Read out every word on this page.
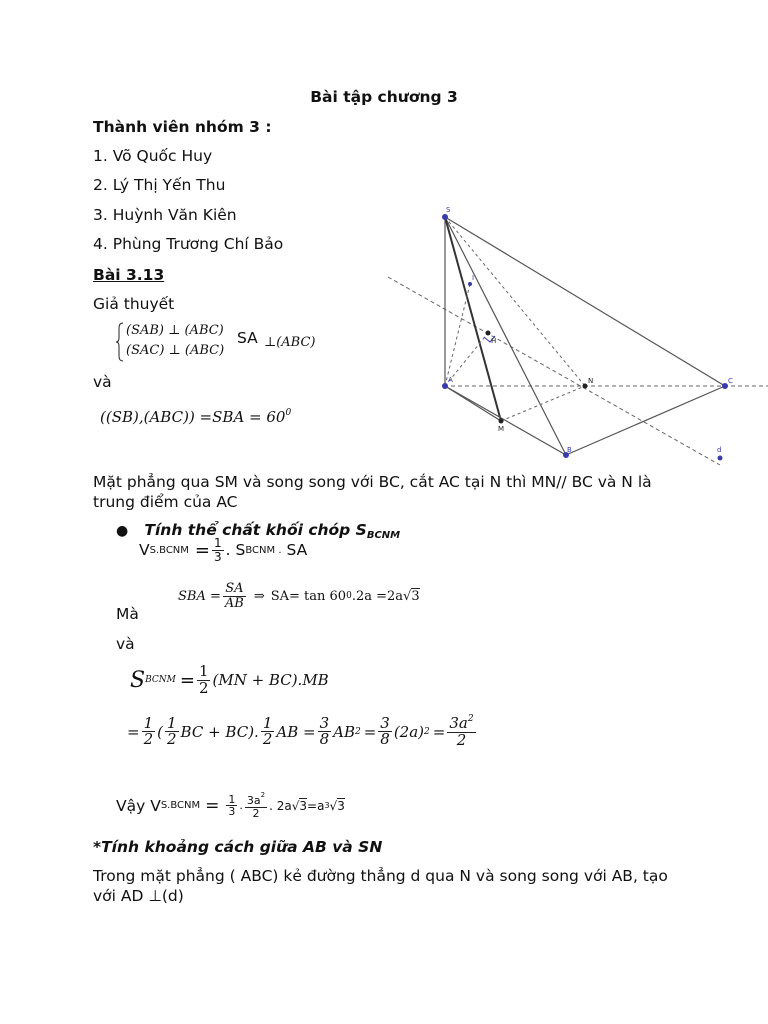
Bài tập chương 3
Thành viên nhóm 3 :
1. Võ Quốc Huy
2. Lý Thị Yến Thu
3. Huỳnh Văn Kiên
4. Phùng Trương Chí Bảo
Bài 3.13
Giả thuyết
(SAB) ⊥ (ABC)
(SAC) ⊥ (ABC)
SA ⊥(ABC)
và
$((SB),(ABC)) =SBA = 60^0$
Mặt phẳng qua SM và song song với BC, cắt AC tại N thì MN// BC và N là trung điểm của AC
● Tính thể chất khối chóp $S_{BCNM}$
V S.BCNM = $\frac{1}{3}$ . S BCNM . SA
Mà
SBA = $\frac{SA}{AB}$ ⇒ SA= tan 60 0 .2a =2a √3
và
S BCNM = $\frac{1}{2} (MN + BC).MB$
= $\frac{1}{2}$ ( $\frac{1}{2}$ BC + BC). $\frac{1}{2}$ AB = $\frac{3}{8}$ AB $2 = \frac{3}{8} (2a) 2 = \frac{3a^2}{2}$
Vậy V S.BCNM = $\frac{1}{3}$ . $\frac{3a^2}{2}$ . 2a √3 =a 3 √3
*Tính khoảng cách giữa AB và SN
Trong mặt phẳng ( ABC) kẻ đường thẳng d qua N và song song với AB, tạo với AD ⊥(d)
S
A	N	C
M
B
H
I
d
